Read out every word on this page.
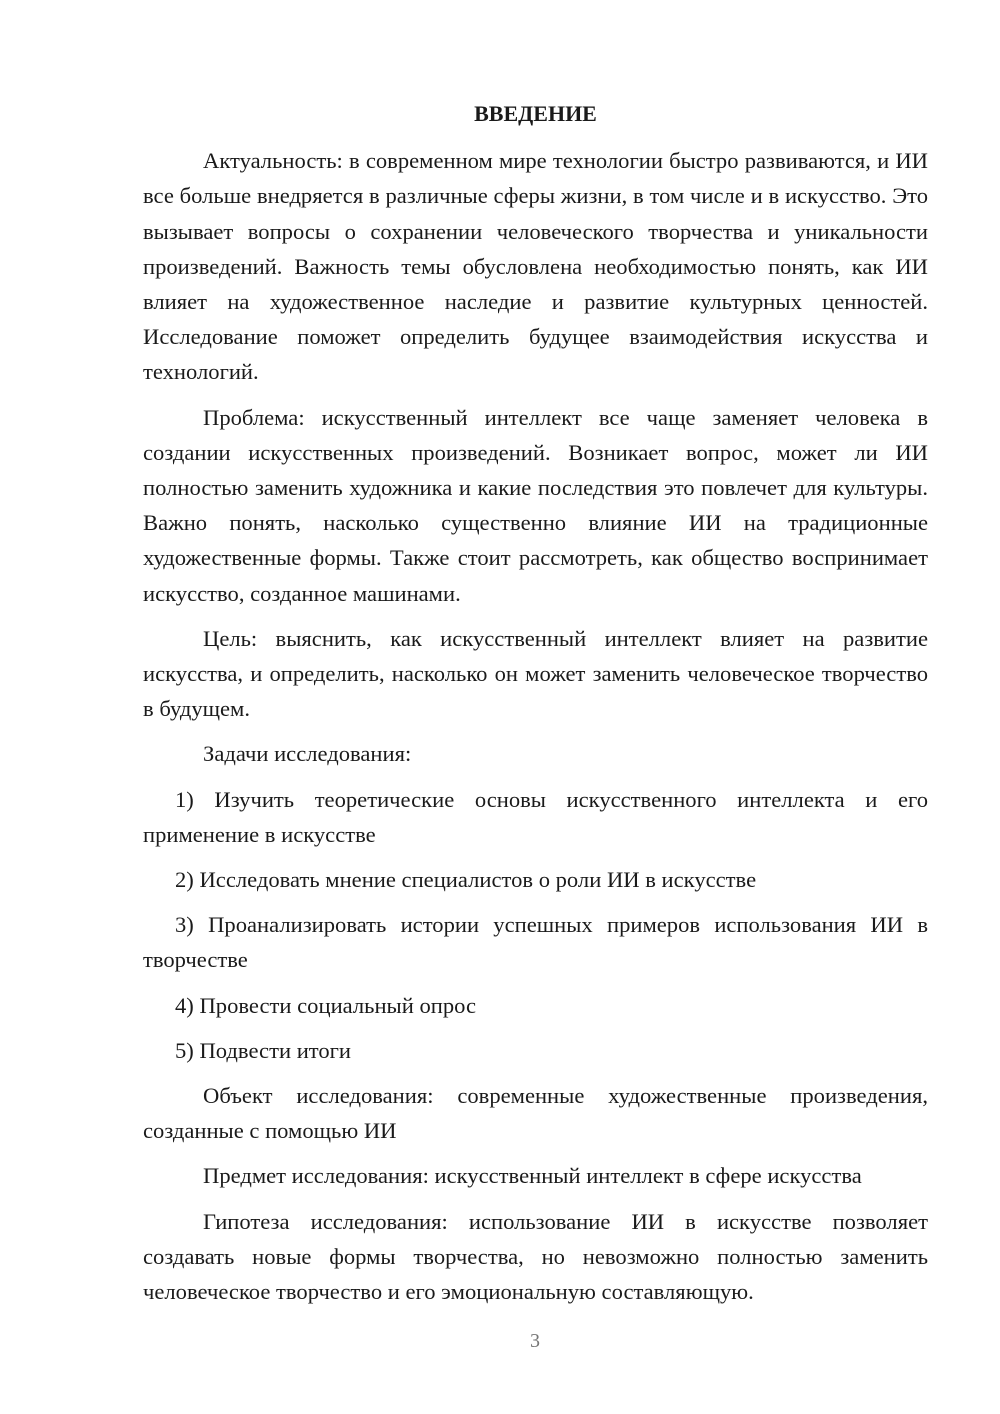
ВВЕДЕНИЕ

Актуальность: в современном мире технологии быстро развиваются, и ИИ все больше внедряется в различные сферы жизни, в том числе и в искусство. Это вызывает вопросы о сохранении человеческого творчества и уникальности произведений. Важность темы обусловлена необходимостью понять, как ИИ влияет на художественное наследие и развитие культурных ценностей. Исследование поможет определить будущее взаимодействия искусства и технологий.

Проблема: искусственный интеллект все чаще заменяет человека в создании искусственных произведений. Возникает вопрос, может ли ИИ полностью заменить художника и какие последствия это повлечет для культуры. Важно понять, насколько существенно влияние ИИ на традиционные художественные формы. Также стоит рассмотреть, как общество воспринимает искусство, созданное машинами.

Цель: выяснить, как искусственный интеллект влияет на развитие искусства, и определить, насколько он может заменить человеческое творчество в будущем.

Задачи исследования:

1) Изучить теоретические основы искусственного интеллекта и его применение в искусстве

2) Исследовать мнение специалистов о роли ИИ в искусстве

3) Проанализировать истории успешных примеров использования ИИ в творчестве

4) Провести социальный опрос

5) Подвести итоги

Объект исследования: современные художественные произведения, созданные с помощью ИИ

Предмет исследования: искусственный интеллект в сфере искусства

Гипотеза исследования: использование ИИ в искусстве позволяет создавать новые формы творчества, но невозможно полностью заменить человеческое творчество и его эмоциональную составляющую.

3
